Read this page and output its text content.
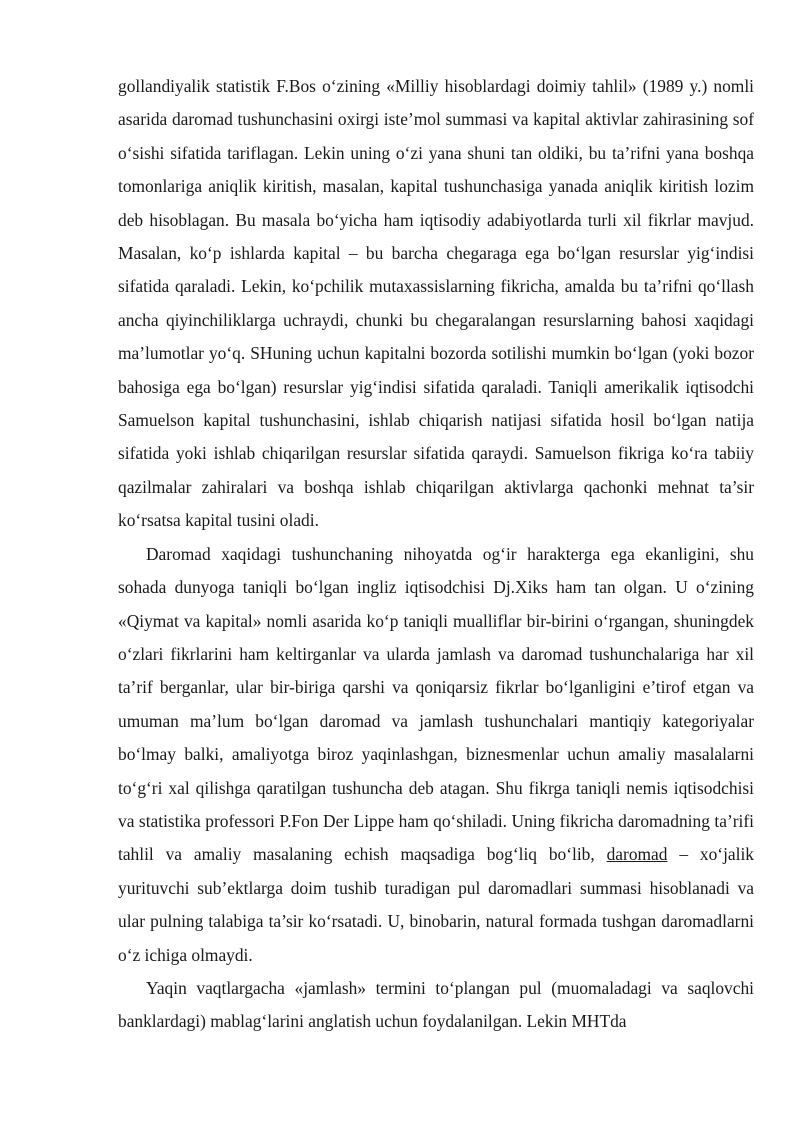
gollandiyalik statistik F.Bos o‘zining «Milliy hisoblardagi doimiy tahlil» (1989 y.) nomli asarida daromad tushunchasini oxirgi iste’mol summasi va kapital aktivlar zahirasining sof o‘sishi sifatida tariflagan. Lekin uning o‘zi yana shuni tan oldiki, bu ta’rifni yana boshqa tomonlariga aniqlik kiritish, masalan, kapital tushunchasiga yanada aniqlik kiritish lozim deb hisoblagan. Bu masala bo‘yicha ham iqtisodiy adabiyotlarda turli xil fikrlar mavjud. Masalan, ko‘p ishlarda kapital – bu barcha chegaraga ega bo‘lgan resurslar yig‘indisi sifatida qaraladi. Lekin, ko‘pchilik mutaxassislarning fikricha, amalda bu ta’rifni qo‘llash ancha qiyinchiliklarga uchraydi, chunki bu chegaralangan resurslarning bahosi xaqidagi ma’lumotlar yo‘q. SHuning uchun kapitalni bozorda sotilishi mumkin bo‘lgan (yoki bozor bahosiga ega bo‘lgan) resurslar yig‘indisi sifatida qaraladi. Taniqli amerikalik iqtisodchi Samuelson kapital tushunchasini, ishlab chiqarish natijasi sifatida hosil bo‘lgan natija sifatida yoki ishlab chiqarilgan resurslar sifatida qaraydi. Samuelson fikriga ko‘ra tabiiy qazilmalar zahiralari va boshqa ishlab chiqarilgan aktivlarga qachonki mehnat ta’sir ko‘rsatsa kapital tusini oladi.

Daromad xaqidagi tushunchaning nihoyatda og‘ir harakterga ega ekanligini, shu sohada dunyoga taniqli bo‘lgan ingliz iqtisodchisi Dj.Xiks ham tan olgan. U o‘zining «Qiymat va kapital» nomli asarida ko‘p taniqli mualliflar bir-birini o‘rgangan, shuningdek o‘zlari fikrlarini ham keltirganlar va ularda jamlash va daromad tushunchalariga har xil ta’rif berganlar, ular bir-biriga qarshi va qoniqarsiz fikrlar bo‘lganligini e’tirof etgan va umuman ma’lum bo‘lgan daromad va jamlash tushunchalari mantiqiy kategoriyalar bo‘lmay balki, amaliyotga biroz yaqinlashgan, biznesmenlar uchun amaliy masalalarni to‘g‘ri xal qilishga qaratilgan tushuncha deb atagan. Shu fikrga taniqli nemis iqtisodchisi va statistika professori P.Fon Der Lippe ham qo‘shiladi. Uning fikricha daromadning ta’rifi tahlil va amaliy masalaning echish maqsadiga bog‘liq bo‘lib, daromad – xo‘jalik yurituvchi sub’ektlarga doim tushib turadigan pul daromadlari summasi hisoblanadi va ular pulning talabiga ta’sir ko‘rsatadi. U, binobarin, natural formada tushgan daromadlarni o‘z ichiga olmaydi.

Yaqin vaqtlargacha «jamlash» termini to‘plangan pul (muomaladagi va saqlovchi banklardagi) mablag‘larini anglatish uchun foydalanilgan. Lekin MHTda
